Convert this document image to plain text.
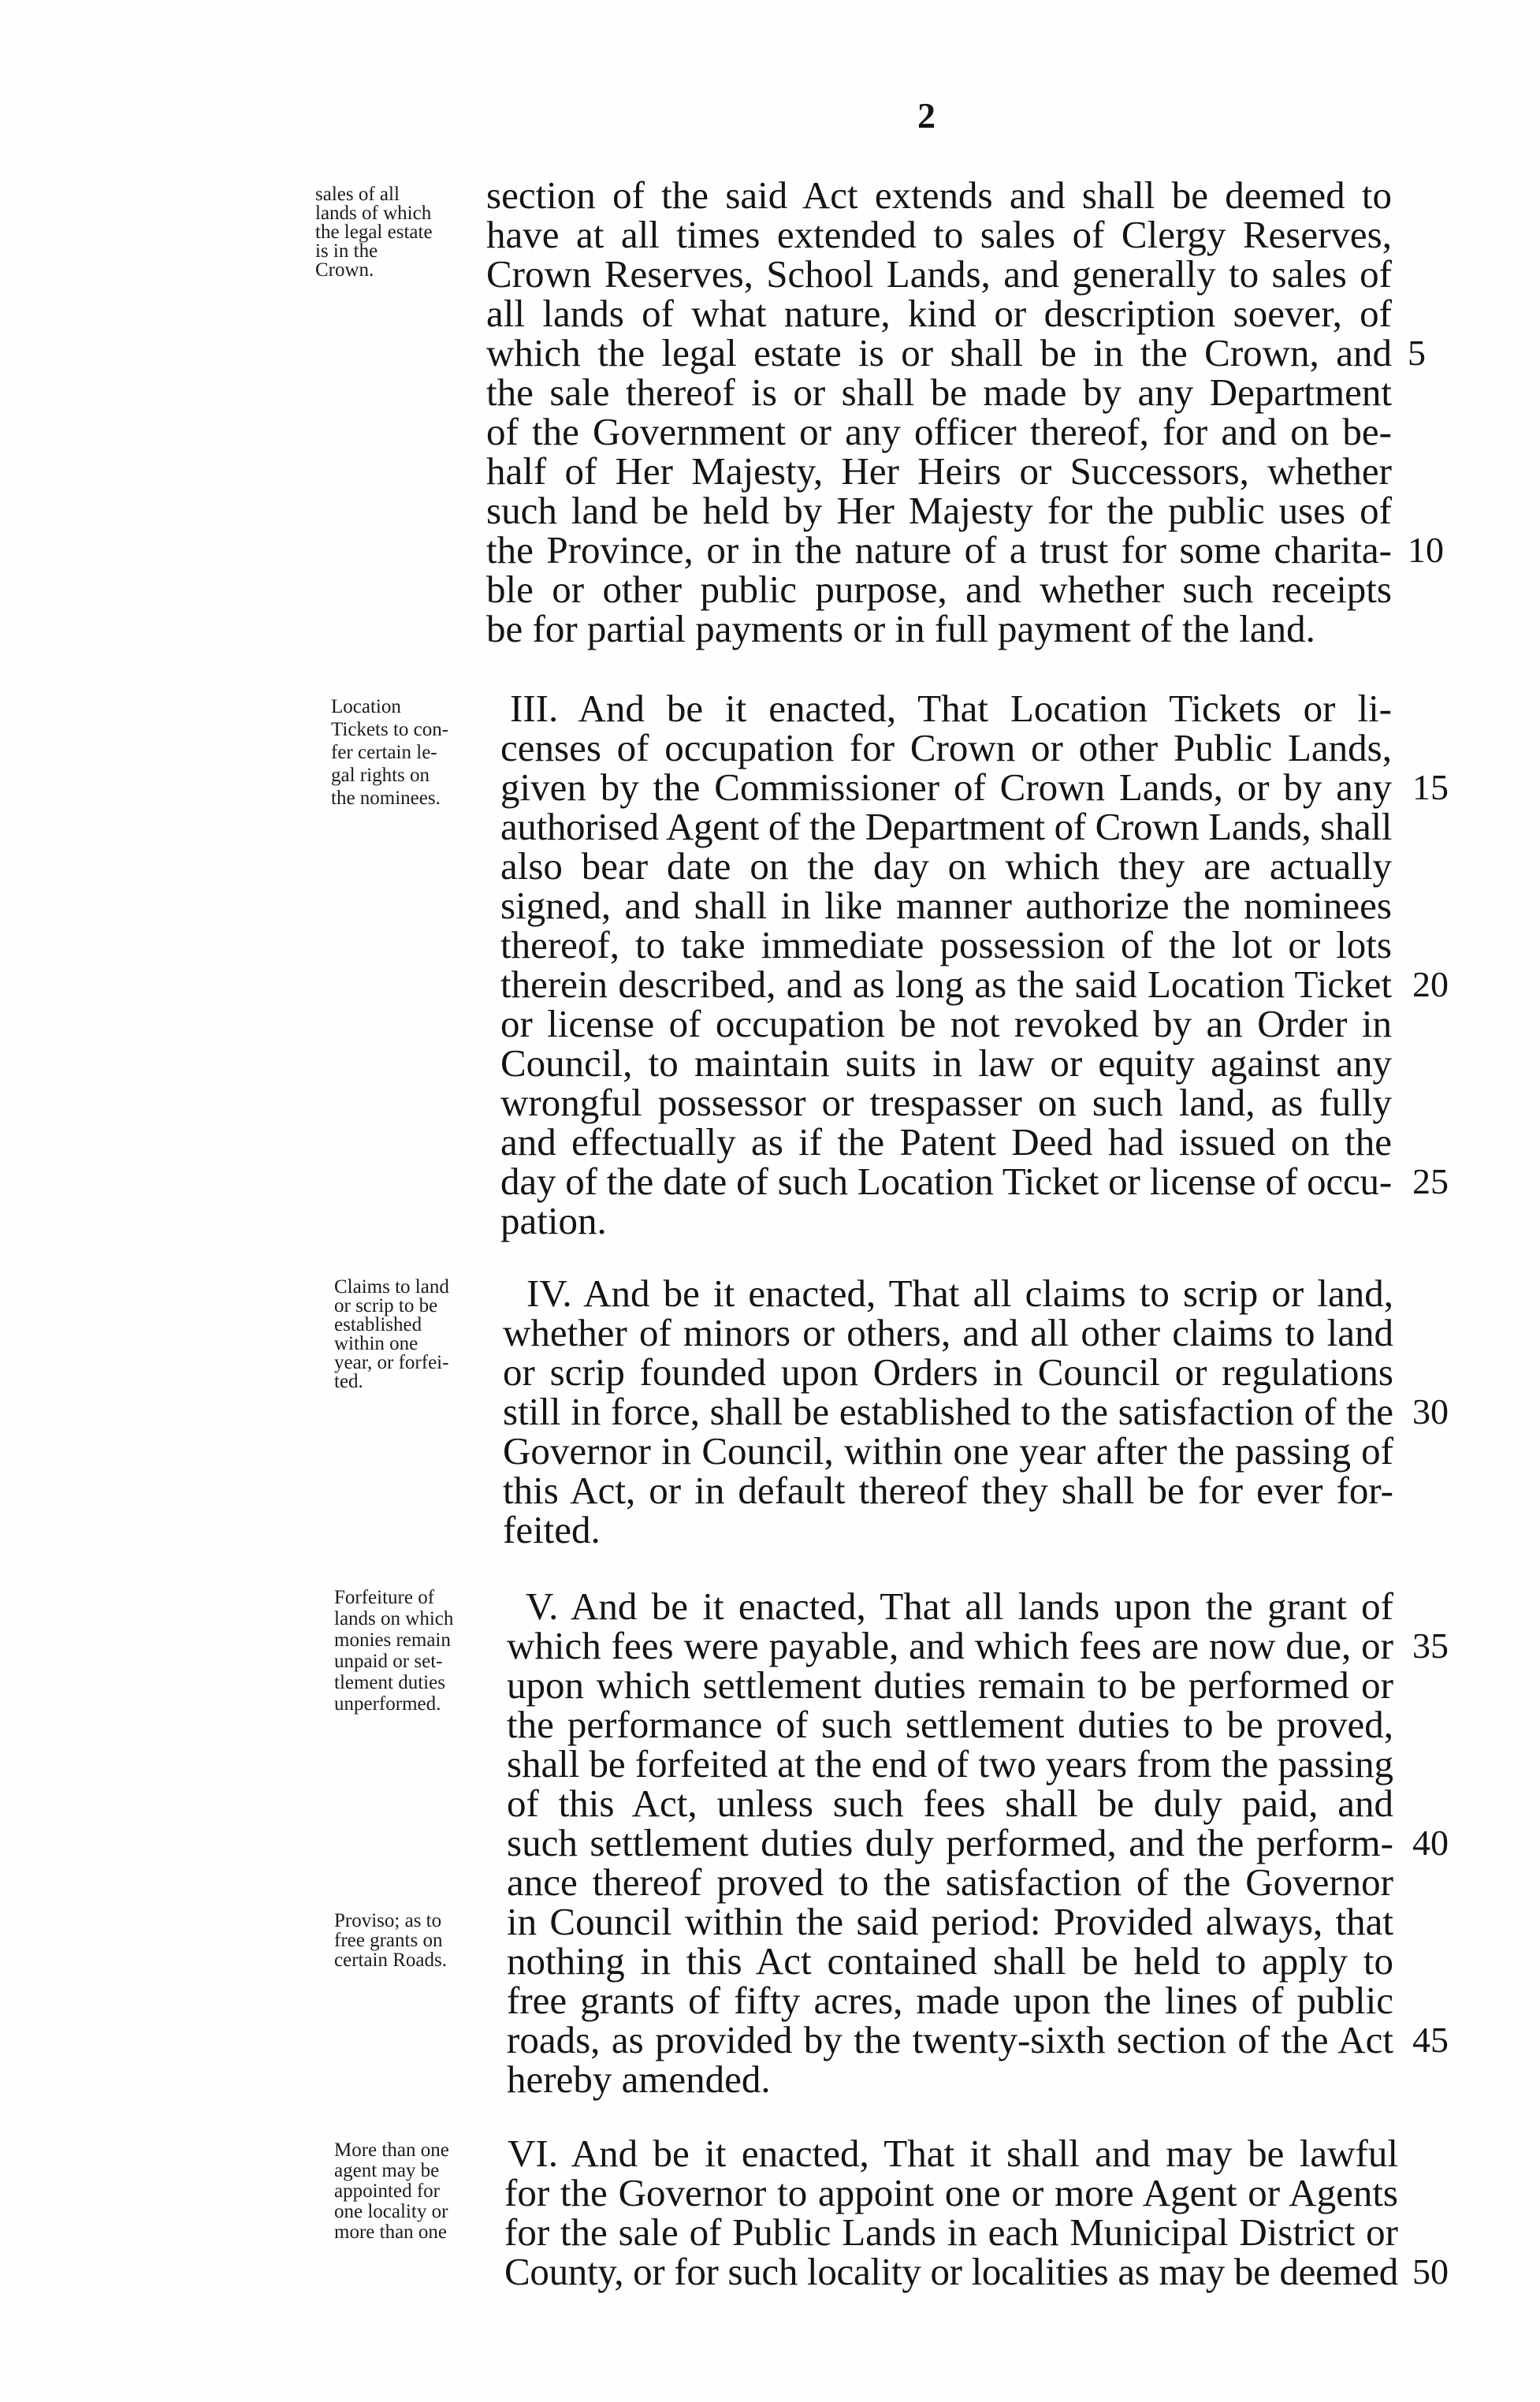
2
sales of all
lands of which
the legal estate
is in the
Crown.
Location
Tickets to con-
fer certain le-
gal rights on
the nominees.
Claims to land
or scrip to be
established
within one
year, or forfei-
ted.
Forfeiture of
lands on which
monies remain
unpaid or set-
tlement duties
unperformed.
Proviso; as to
free grants on
certain Roads.
More than one
agent may be
appointed for
one locality or
more than one
section of the said Act extends and shall be deemed to
have at all times extended to sales of Clergy Reserves,
Crown Reserves, School Lands, and generally to sales of
all lands of what nature, kind or description soever, of
which the legal estate is or shall be in the Crown, and 5
the sale thereof is or shall be made by any Department
of the Government or any officer thereof, for and on be-
half of Her Majesty, Her Heirs or Successors, whether
such land be held by Her Majesty for the public uses of
the Province, or in the nature of a trust for some charita- 10
ble or other public purpose, and whether such receipts
be for partial payments or in full payment of the land.
III. And be it enacted, That Location Tickets or li-
censes of occupation for Crown or other Public Lands,
given by the Commissioner of Crown Lands, or by any 15
authorised Agent of the Department of Crown Lands, shall
also bear date on the day on which they are actually
signed, and shall in like manner authorize the nominees
thereof, to take immediate possession of the lot or lots
therein described, and as long as the said Location Ticket 20
or license of occupation be not revoked by an Order in
Council, to maintain suits in law or equity against any
wrongful possessor or trespasser on such land, as fully
and effectually as if the Patent Deed had issued on the
day of the date of such Location Ticket or license of occu- 25
pation.
IV. And be it enacted, That all claims to scrip or land,
whether of minors or others, and all other claims to land
or scrip founded upon Orders in Council or regulations
still in force, shall be established to the satisfaction of the 30
Governor in Council, within one year after the passing of
this Act, or in default thereof they shall be for ever for-
feited.
V. And be it enacted, That all lands upon the grant of
which fees were payable, and which fees are now due, or 35
upon which settlement duties remain to be performed or
the performance of such settlement duties to be proved,
shall be forfeited at the end of two years from the passing
of this Act, unless such fees shall be duly paid, and
such settlement duties duly performed, and the perform- 40
ance thereof proved to the satisfaction of the Governor
in Council within the said period: Provided always, that
nothing in this Act contained shall be held to apply to
free grants of fifty acres, made upon the lines of public
roads, as provided by the twenty-sixth section of the Act 45
hereby amended.
VI. And be it enacted, That it shall and may be lawful
for the Governor to appoint one or more Agent or Agents
for the sale of Public Lands in each Municipal District or
County, or for such locality or localities as may be deemed 50
